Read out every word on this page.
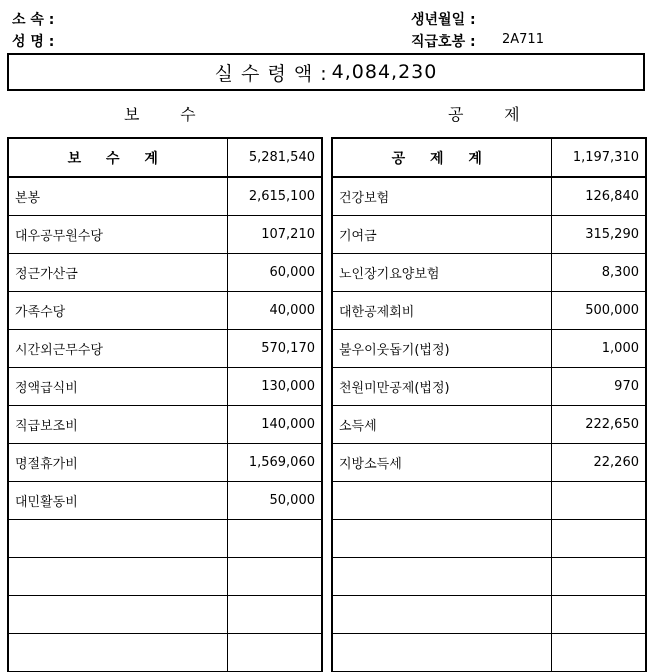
소 속 :
성 명 :
생년월일 :
직급호봉 : 2A711
실 수 령 액 : 4,084,230
보        수	공        제
보 수 계	5,281,540
본봉	2,615,100
대우공무원수당	107,210
정근가산금	60,000
가족수당	40,000
시간외근무수당	570,170
정액급식비	130,000
직급보조비	140,000
명절휴가비	1,569,060
대민활동비	50,000

공 제 계	1,197,310
건강보험	126,840
기여금	315,290
노인장기요양보험	8,300
대한공제회비	500,000
불우이웃돕기(법정)	1,000
천원미만공제(법정)	970
소득세	222,650
지방소득세	22,260
